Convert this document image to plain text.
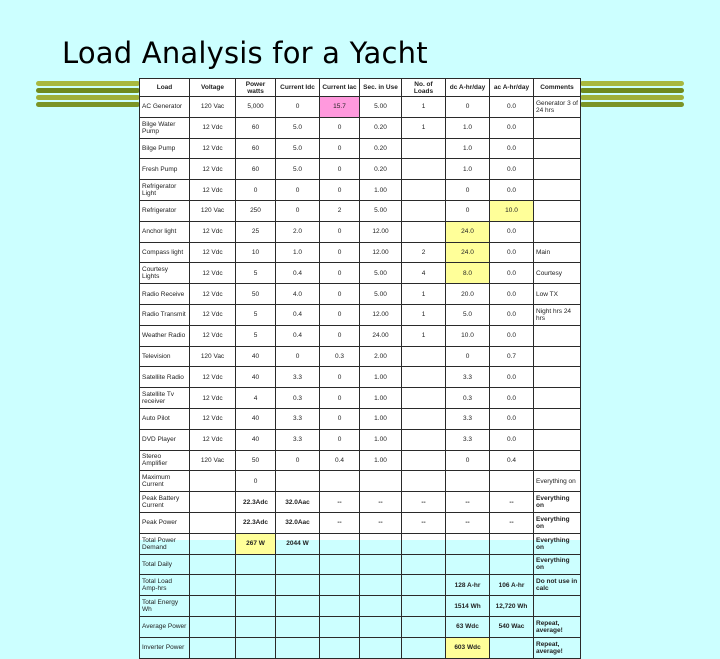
Load Analysis for a Yacht
Load	Voltage	Power watts	Current Idc	Current Iac	Sec. in Use	No. of Loads	dc A-hr/day	ac A-hr/day	Comments
AC Generator	120 Vac	5,000	0	15.7	5.00	1	0	0.0	Generator 3 of 24 hrs
Bilge Water Pump	12 Vdc	60	5.0	0	0.20	1	1.0	0.0	
Bilge Pump	12 Vdc	60	5.0	0	0.20		1.0	0.0	
Fresh Pump	12 Vdc	60	5.0	0	0.20		1.0	0.0	
Refrigerator Light	12 Vdc	0	0	0	1.00		0	0.0	
Refrigerator	120 Vac	250	0	2	5.00		0	10.0	
Anchor light	12 Vdc	25	2.0	0	12.00		24.0	0.0	
Compass light	12 Vdc	10	1.0	0	12.00	2	24.0	0.0	Main
Courtesy Lights	12 Vdc	5	0.4	0	5.00	4	8.0	0.0	Courtesy
Radio Receive	12 Vdc	50	4.0	0	5.00	1	20.0	0.0	Low TX
Radio Transmit	12 Vdc	5	0.4	0	12.00	1	5.0	0.0	Night hrs 24 hrs
Weather Radio	12 Vdc	5	0.4	0	24.00	1	10.0	0.0	
Television	120 Vac	40	0	0.3	2.00		0	0.7	
Satellite Radio	12 Vdc	40	3.3	0	1.00		3.3	0.0	
Satellite Tv receiver	12 Vdc	4	0.3	0	1.00		0.3	0.0	
Auto Pilot	12 Vdc	40	3.3	0	1.00		3.3	0.0	
DVD Player	12 Vdc	40	3.3	0	1.00		3.3	0.0	
Stereo Amplifier	120 Vac	50	0	0.4	1.00		0	0.4	
Maximum Current		0							Everything on
Peak Battery Current		22.3Adc	32.0Aac	--	--	--	--	--	Everything on
Peak Power		22.3Adc	32.0Aac	--	--	--	--	--	Everything on
Total Power Demand		267 W	2044 W						Everything on
Total Daily									Everything on
Total Load Amp-hrs							128 A-hr	106 A-hr	Do not use in calc
Total Energy Wh							1514 Wh	12,720 Wh	
Average Power							63 Wdc	540 Wac	Repeat, average!
Inverter Power							603 Wdc		Repeat, average!
